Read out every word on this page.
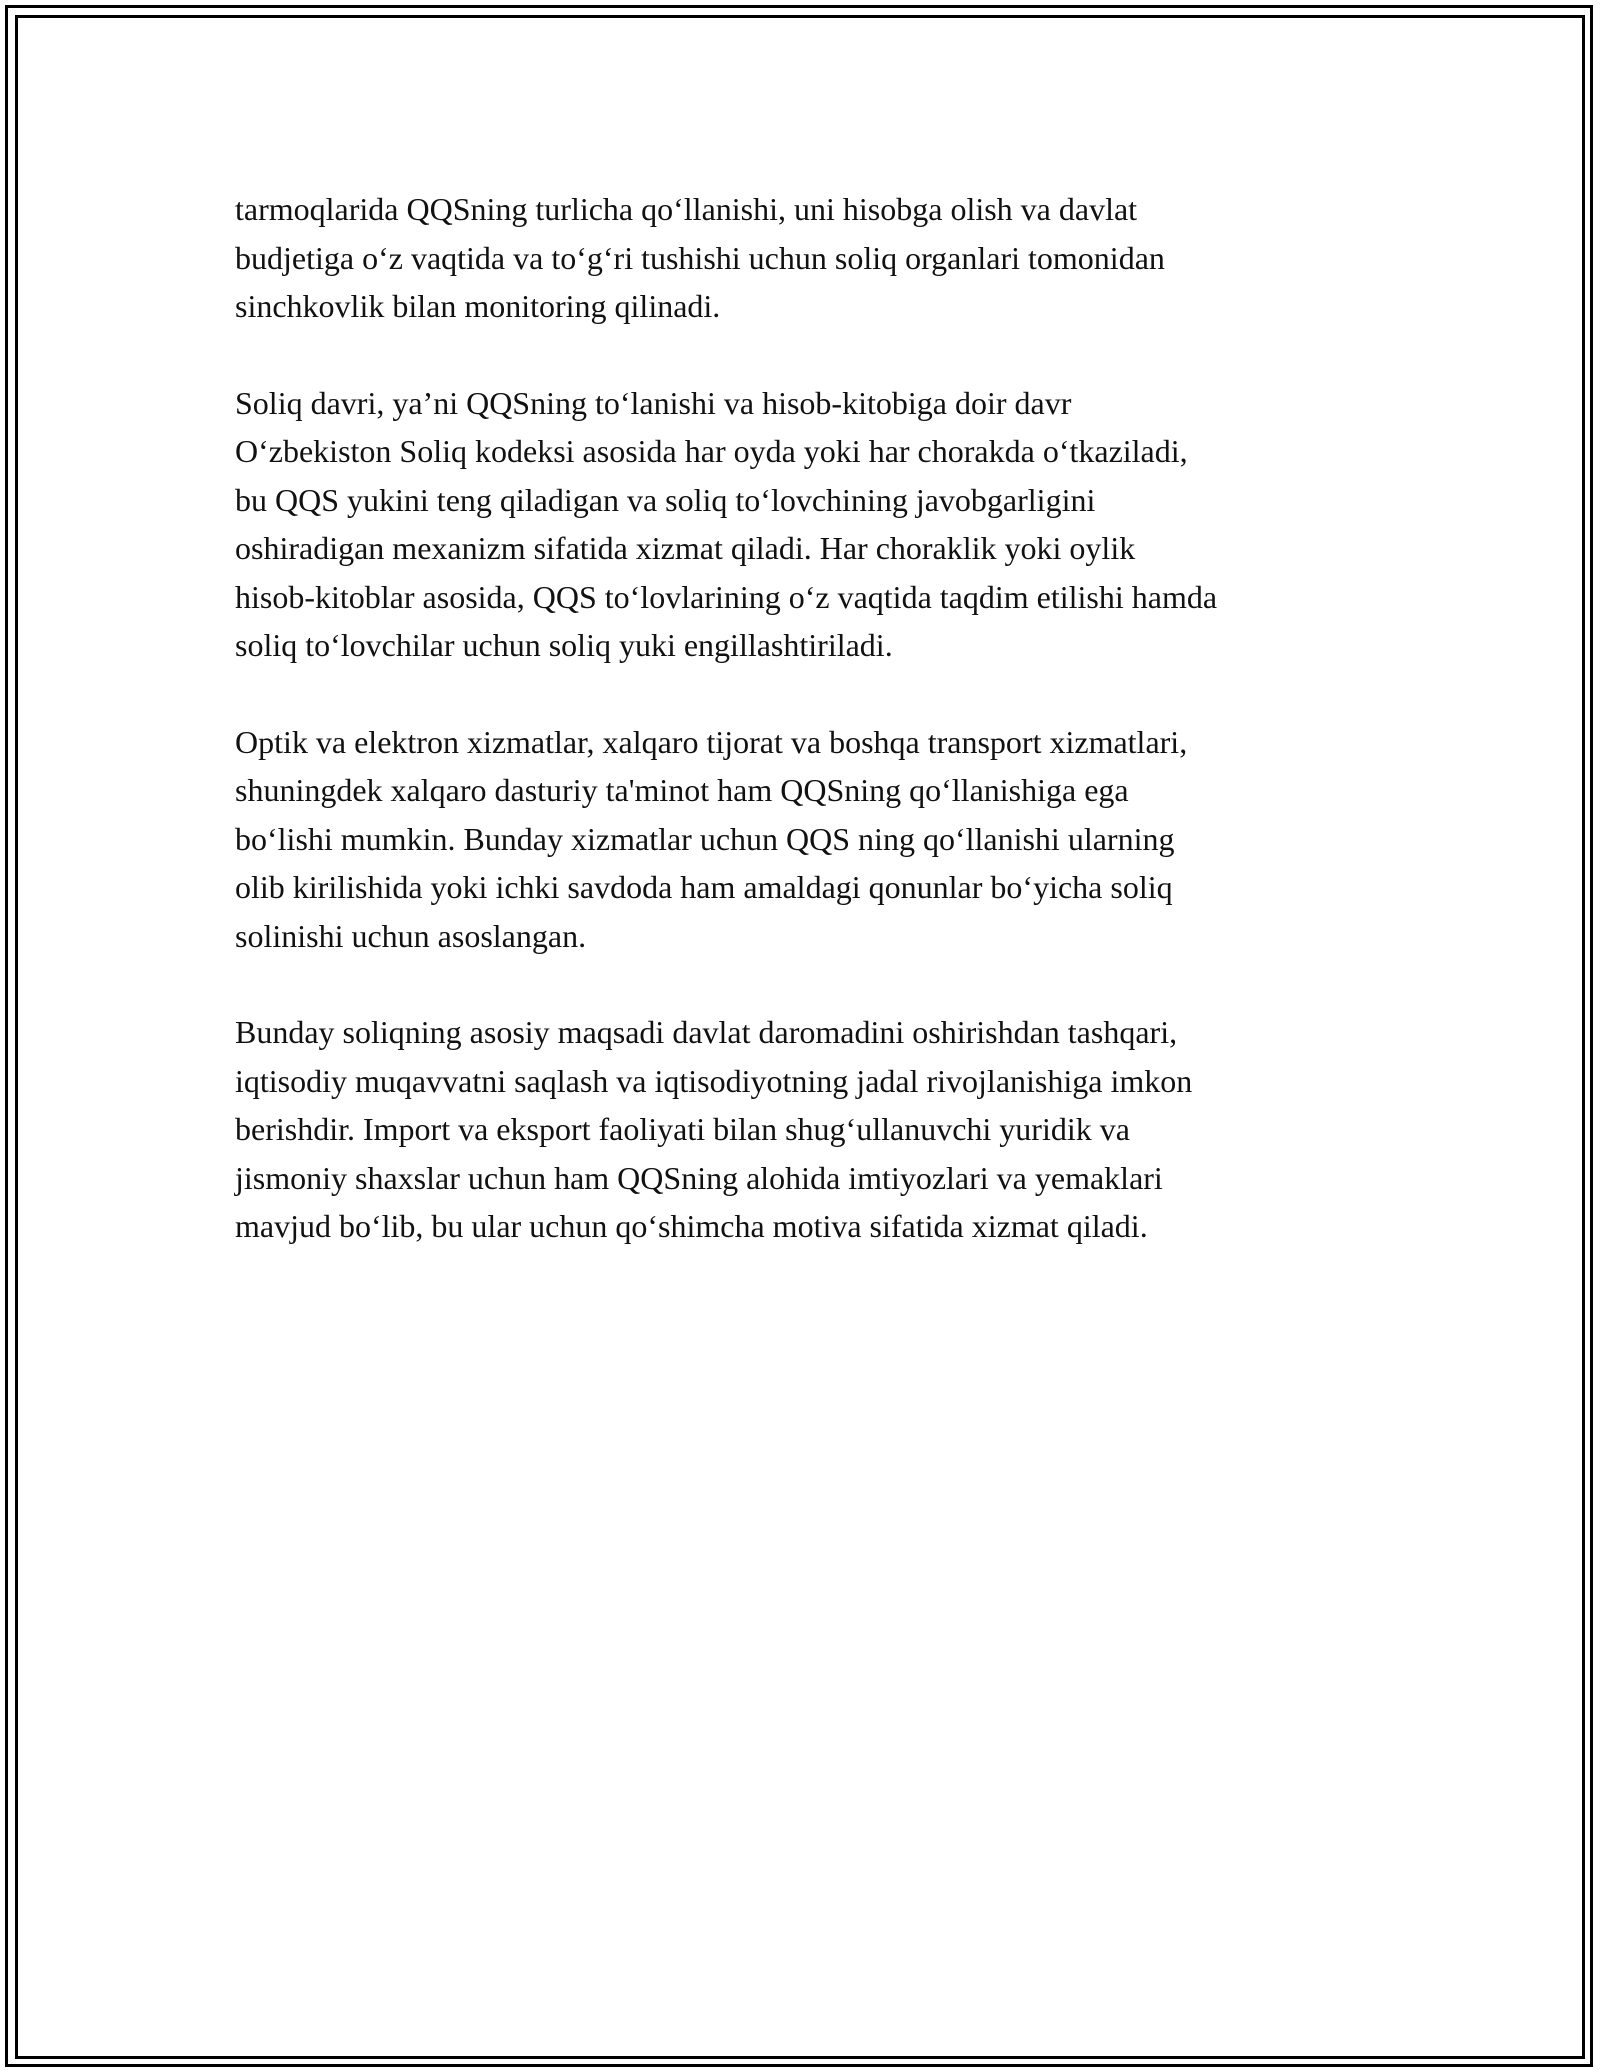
tarmoqlarida QQSning turlicha qo‘llanishi, uni hisobga olish va davlat
budjetiga o‘z vaqtida va to‘g‘ri tushishi uchun soliq organlari tomonidan
sinchkovlik bilan monitoring qilinadi.

Soliq davri, ya’ni QQSning to‘lanishi va hisob-kitobiga doir davr
O‘zbekiston Soliq kodeksi asosida har oyda yoki har chorakda o‘tkaziladi,
bu QQS yukini teng qiladigan va soliq to‘lovchining javobgarligini
oshiradigan mexanizm sifatida xizmat qiladi. Har choraklik yoki oylik
hisob-kitoblar asosida, QQS to‘lovlarining o‘z vaqtida taqdim etilishi hamda
soliq to‘lovchilar uchun soliq yuki engillashtiriladi.

Optik va elektron xizmatlar, xalqaro tijorat va boshqa transport xizmatlari,
shuningdek xalqaro dasturiy ta'minot ham QQSning qo‘llanishiga ega
bo‘lishi mumkin. Bunday xizmatlar uchun QQS ning qo‘llanishi ularning
olib kirilishida yoki ichki savdoda ham amaldagi qonunlar bo‘yicha soliq
solinishi uchun asoslangan.

Bunday soliqning asosiy maqsadi davlat daromadini oshirishdan tashqari,
iqtisodiy muqavvatni saqlash va iqtisodiyotning jadal rivojlanishiga imkon
berishdir. Import va eksport faoliyati bilan shug‘ullanuvchi yuridik va
jismoniy shaxslar uchun ham QQSning alohida imtiyozlari va yemaklari
mavjud bo‘lib, bu ular uchun qo‘shimcha motiva sifatida xizmat qiladi.
